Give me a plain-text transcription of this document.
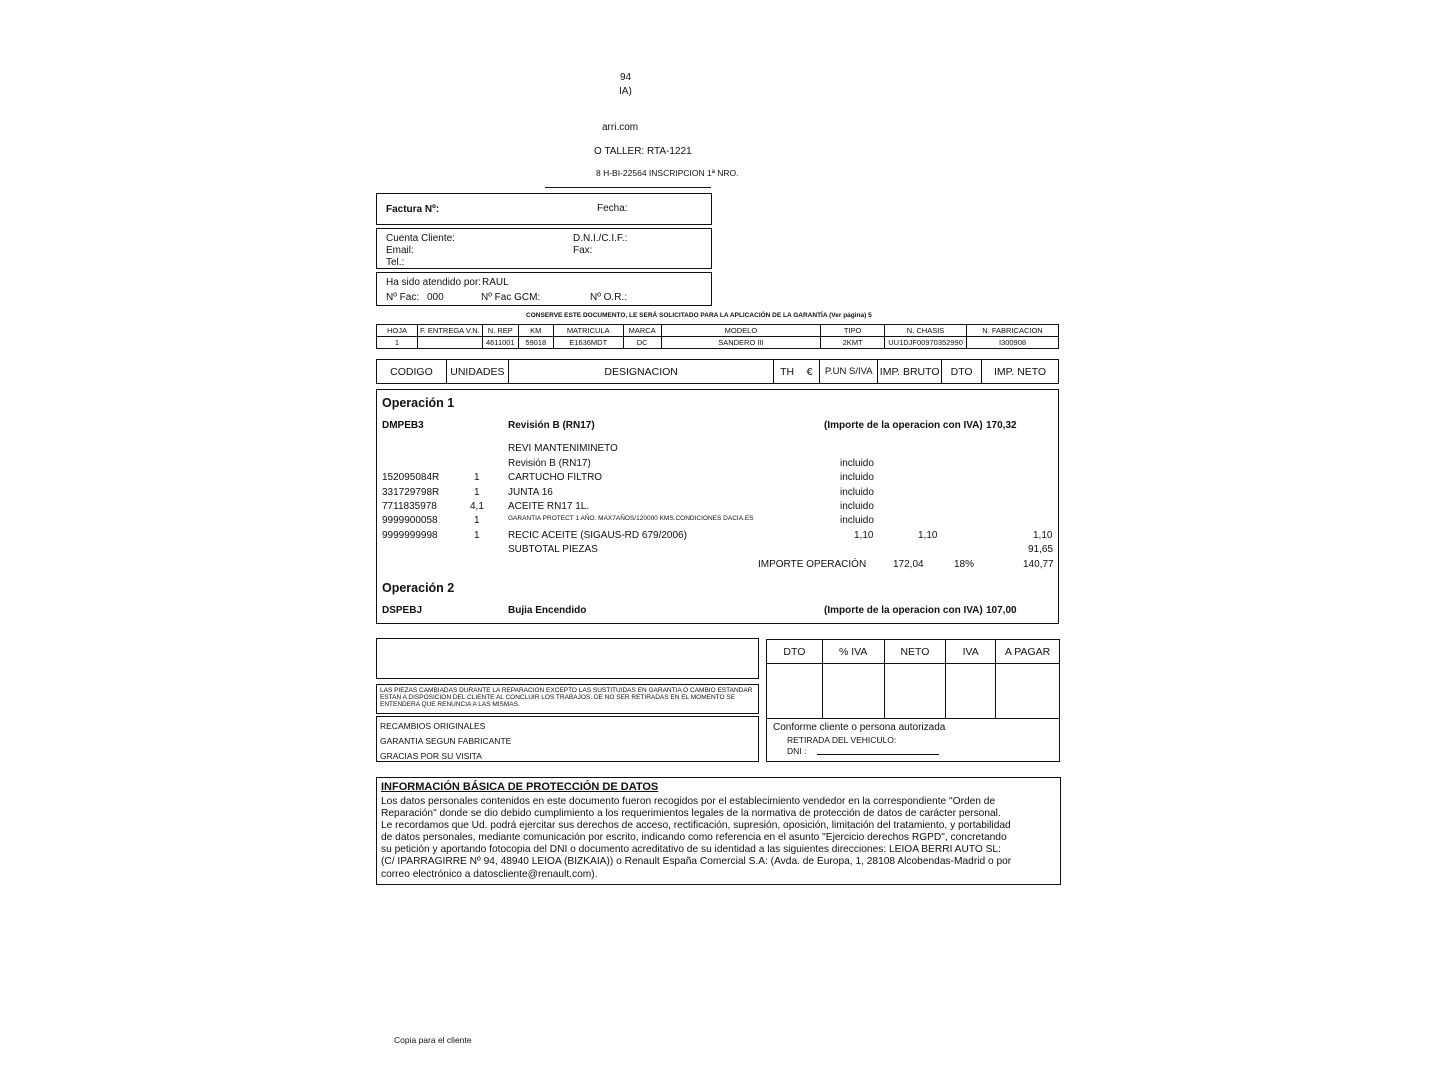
94
IA)
arri.com
O TALLER: RTA-1221
8 H-BI-22564 INSCRIPCION 1ª NRO.
Factura Nº:	Fecha:
Cuenta Cliente:
Email:
Tel.:
D.N.I./C.I.F.:
Fax:
Ha sido atendido por: RAUL
Nº Fac: 000	Nº Fac GCM:	Nº O.R.:
CONSERVE ESTE DOCUMENTO, LE SERÁ SOLICITADO PARA LA APLICACIÓN DE LA GARANTÍA (Ver página) 5
HOJA	F. ENTREGA V.N.	N. REP	KM	MATRICULA	MARCA	MODELO	TIPO	N. CHASIS	N. FABRICACION
1		4611001	59018	E1636MDT	DC	SANDERO III	2KMT	UU1DJF00970352990	I300908
CODIGO	UNIDADES	DESIGNACION	TH	€	P.UN S/IVA	IMP. BRUTO	DTO	IMP. NETO
Operación 1
DMPEB3	Revisión B (RN17)	(Importe de la operacion con IVA) 170,32
REVI MANTENIMINETO
Revisión B (RN17)	incluido
152095084R	1	CARTUCHO FILTRO	incluido
331729798R	1	JUNTA 16	incluido
7711835978	4,1 ACEITE RN17 1L.	incluido
9999900058	1	GARANTIA PROTECT 1 AÑO. MAX7AÑOS/120000 KMS.CONDICIONES DACIA.ES	incluido
9999999998	1	RECIC ACEITE (SIGAUS-RD 679/2006)	1,10	1,10	1,10
SUBTOTAL PIEZAS	91,65
IMPORTE OPERACIÓN	172,04	18%	140,77
Operación 2
DSPEBJ	Bujia Encendido	(Importe de la operacion con IVA) 107,00
LAS PIEZAS CAMBIADAS DURANTE LA REPARACION EXCEPTO LAS SUSTITUIDAS EN GARANTIA O CAMBIO ESTANDAR ESTAN A DISPOSICION DEL CLIENTE AL CONCLUIR LOS TRABAJOS. DE NO SER RETIRADAS EN EL MOMENTO SE ENTENDERA QUE RENUNCIA A LAS MISMAS.
RECAMBIOS ORIGINALES
GARANTIA SEGUN FABRICANTE
GRACIAS POR SU VISITA
DTO	% IVA	NETO	IVA	A PAGAR

Conforme cliente o persona autorizada
RETIRADA DEL VEHICULO:
DNI :
INFORMACIÓN BÁSICA DE PROTECCIÓN DE DATOS
Los datos personales contenidos en este documento fueron recogidos por el establecimiento vendedor en la correspondiente "Orden de
Reparación" donde se dio debido cumplimiento a los requerimientos legales de la normativa de protección de datos de carácter personal.
Le recordamos que Ud. podrá ejercitar sus derechos de acceso, rectificación, supresión, oposición, limitación del tratamiento, y portabilidad
de datos personales, mediante comunicación por escrito, indicando como referencia en el asunto "Ejercicio derechos RGPD", concretando
su petición y aportando fotocopia del DNI o documento acreditativo de su identidad a las siguientes direcciones: LEIOA BERRI AUTO SL:
(C/ IPARRAGIRRE Nº 94, 48940 LEIOA (BIZKAIA)) o Renault España Comercial S.A: (Avda. de Europa, 1, 28108 Alcobendas-Madrid o por
correo electrónico a datoscliente@renault.com).
Copia para el cliente
